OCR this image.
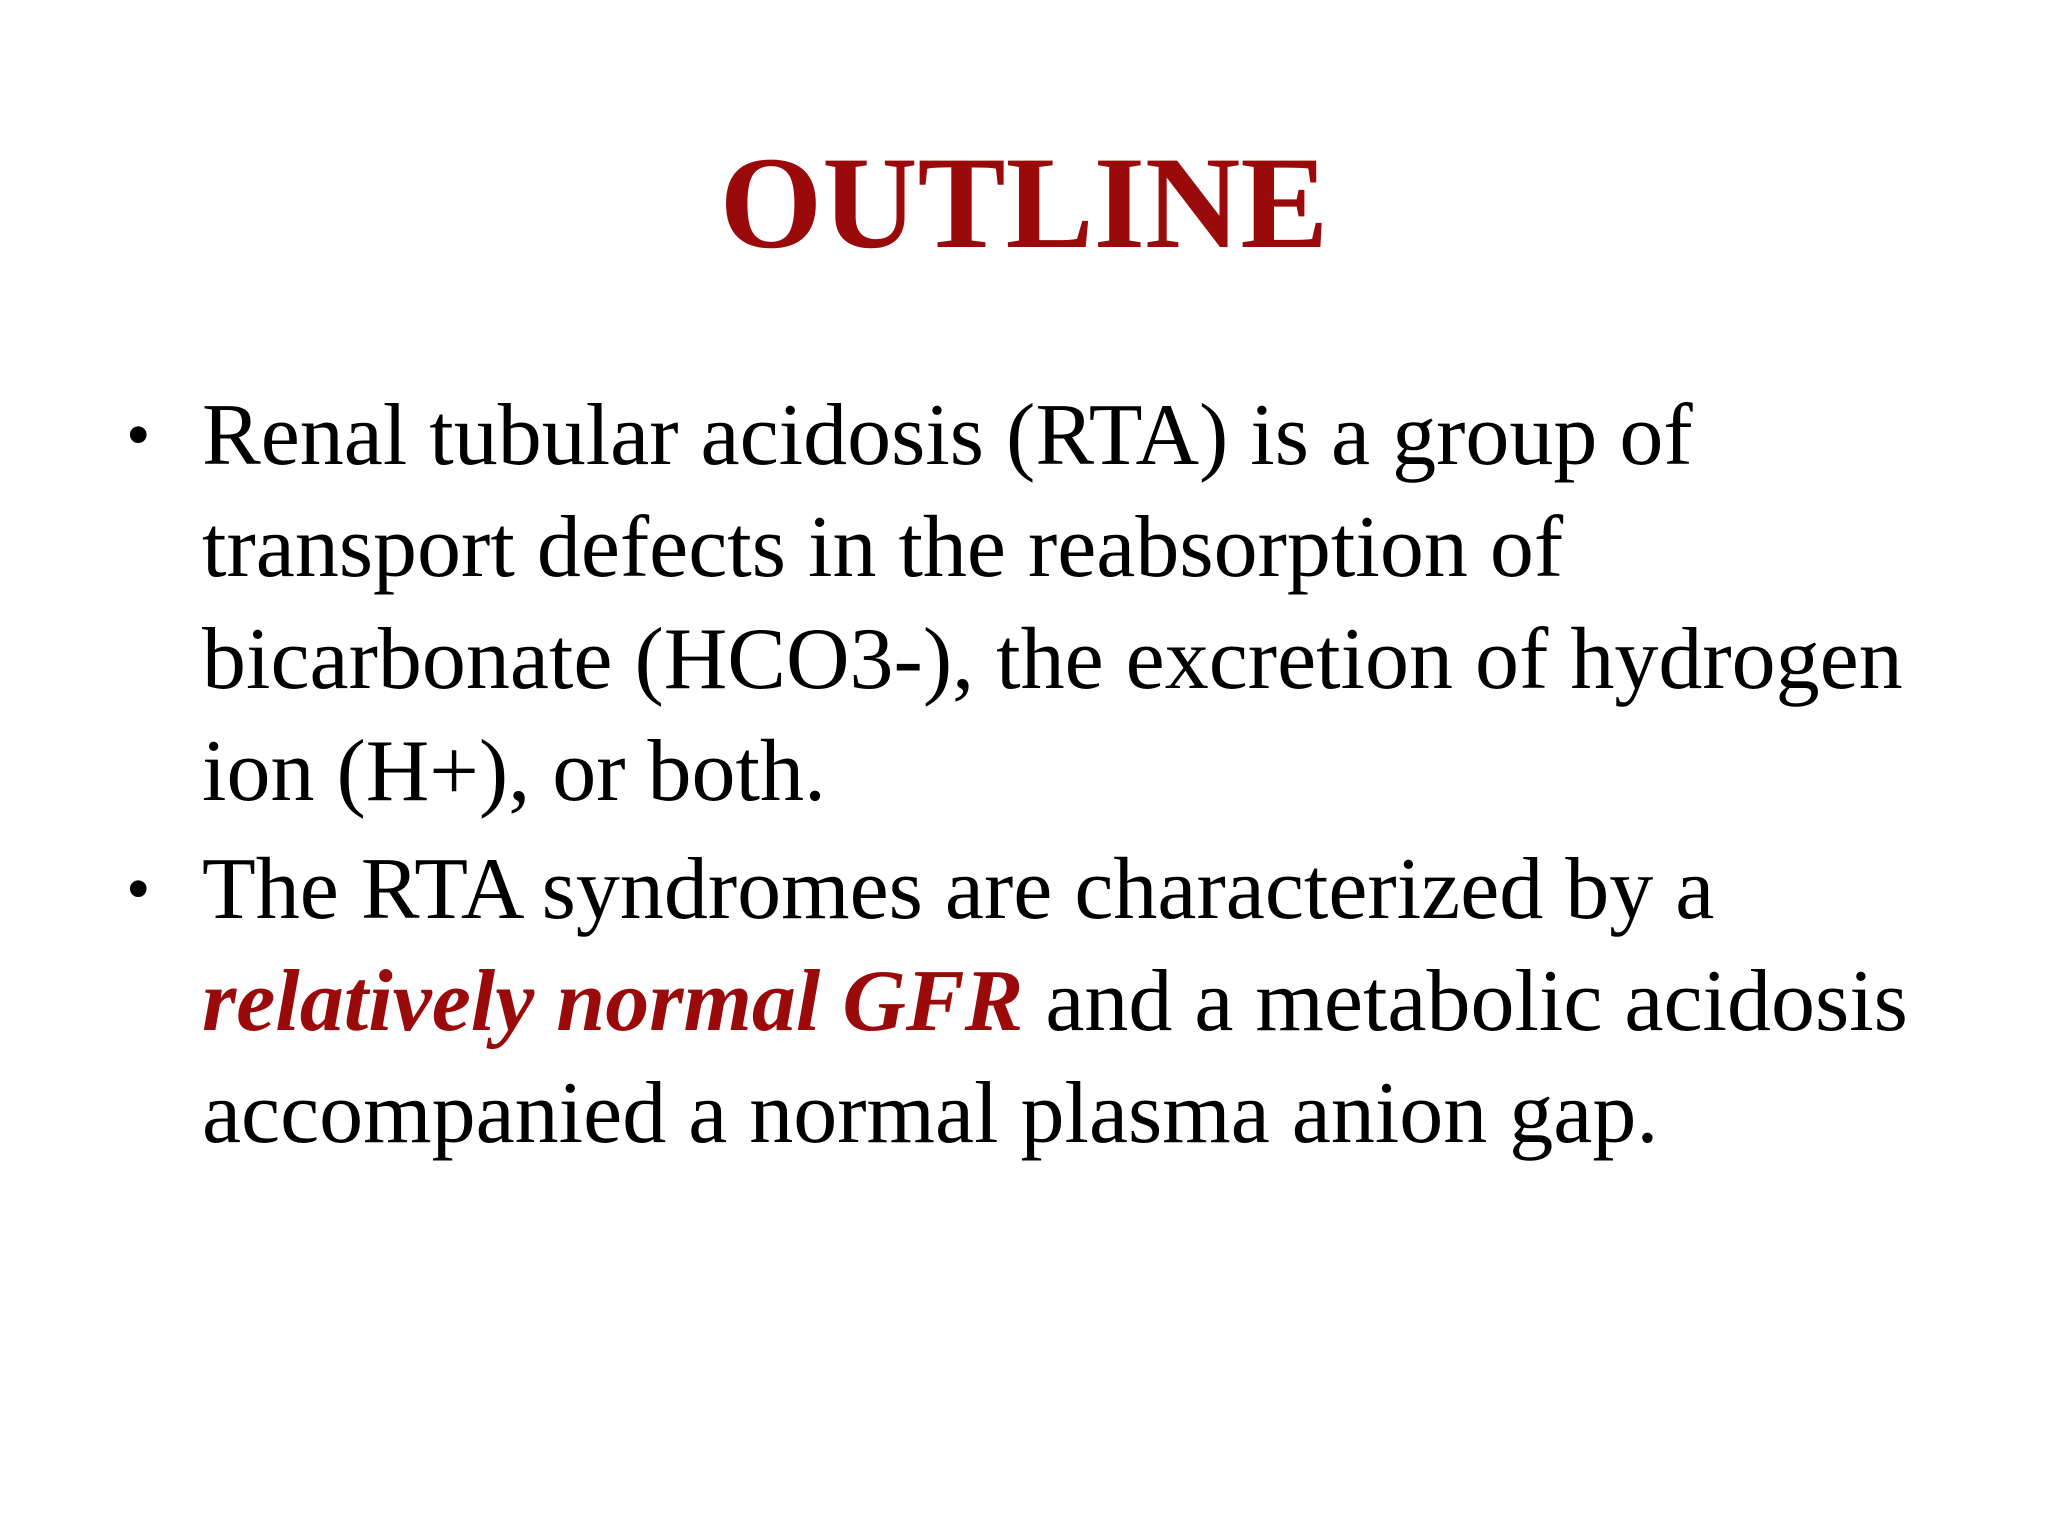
OUTLINE
• Renal tubular acidosis (RTA) is a group of transport defects in the reabsorption of bicarbonate (HCO3-), the excretion of hydrogen ion (H+), or both.
• The RTA syndromes are characterized by a relatively normal GFR and a metabolic acidosis accompanied a normal plasma anion gap.
